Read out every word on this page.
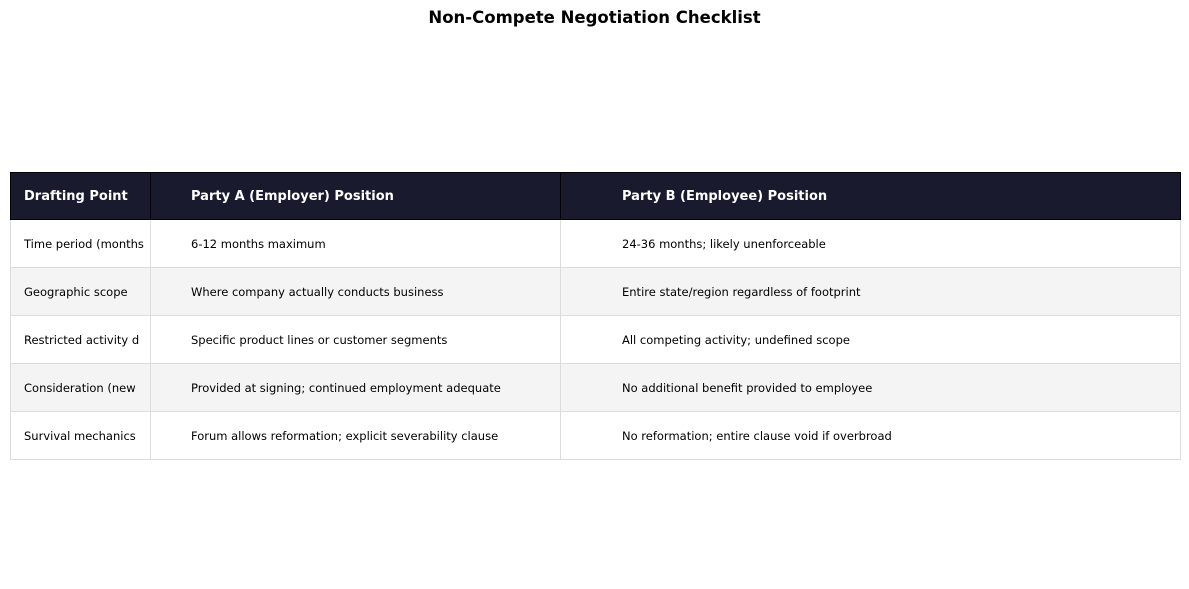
Non-Compete Negotiation Checklist
Drafting Point	Party A (Employer) Position	Party B (Employee) Position

Time period (months	6-12 months maximum	24-36 months; likely unenforceable

Geographic scope	Where company actually conducts business	Entire state/region regardless of footprint

Restricted activity d	Specific product lines or customer segments	All competing activity; undefined scope

Consideration (new	Provided at signing; continued employment adequate	No additional benefit provided to employee

Survival mechanics	Forum allows reformation; explicit severability clause	No reformation; entire clause void if overbroad
